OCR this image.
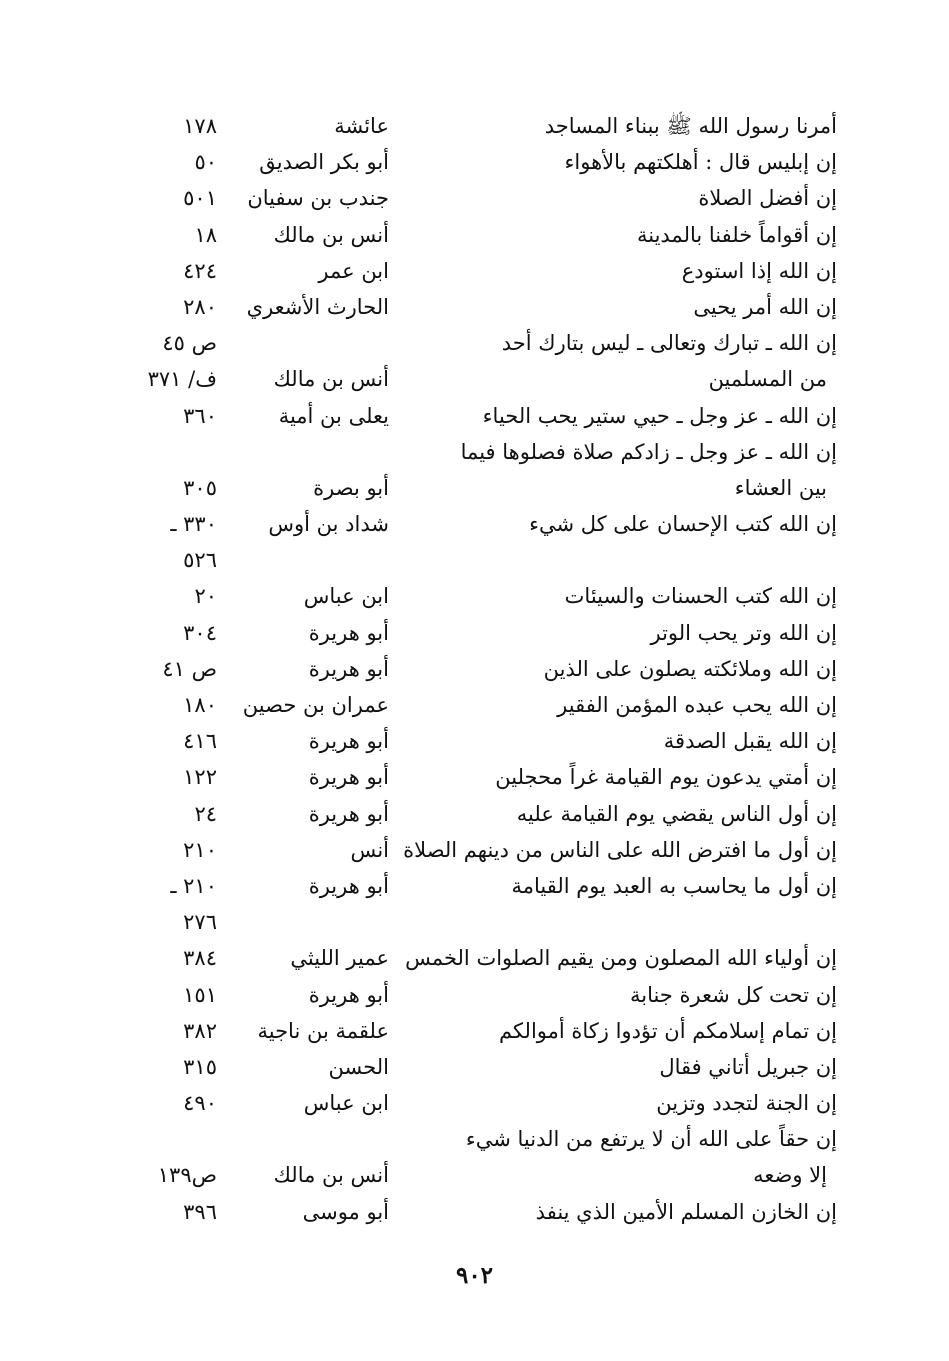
أمرنا رسول الله ﷺ ببناء المساجد
عائشة
١٧٨
إن إبليس قال : أهلكتهم بالأهواء
أبو بكر الصديق
٥٠
إن أفضل الصلاة
جندب بن سفيان
٥٠١
إن أقواماً خلفنا بالمدينة
أنس بن مالك
١٨
إن الله إذا استودع
ابن عمر
٤٢٤
إن الله أمر يحيى
الحارث الأشعري
٢٨٠
إن الله ـ تبارك وتعالى ـ ليس بتارك أحد
ص ٤٥
من المسلمين
أنس بن مالك
ف/ ٣٧١
إن الله ـ عز وجل ـ حيي ستير يحب الحياء
يعلى بن أمية
٣٦٠
إن الله ـ عز وجل ـ زادكم صلاة فصلوها فيما
بين العشاء
أبو بصرة
٣٠٥
إن الله كتب الإحسان على كل شيء
شداد بن أوس
٣٣٠ ـ
٥٢٦
إن الله كتب الحسنات والسيئات
ابن عباس
٢٠
إن الله وتر يحب الوتر
أبو هريرة
٣٠٤
إن الله وملائكته يصلون على الذين
أبو هريرة
ص ٤١
إن الله يحب عبده المؤمن الفقير
عمران بن حصين
١٨٠
إن الله يقبل الصدقة
أبو هريرة
٤١٦
إن أمتي يدعون يوم القيامة غراً محجلين
أبو هريرة
١٢٢
إن أول الناس يقضي يوم القيامة عليه
أبو هريرة
٢٤
إن أول ما افترض الله على الناس من دينهم الصلاة
أنس
٢١٠
إن أول ما يحاسب به العبد يوم القيامة
أبو هريرة
٢١٠ ـ
٢٧٦
إن أولياء الله المصلون ومن يقيم الصلوات الخمس
عمير الليثي
٣٨٤
إن تحت كل شعرة جنابة
أبو هريرة
١٥١
إن تمام إسلامكم أن تؤدوا زكاة أموالكم
علقمة بن ناجية
٣٨٢
إن جبريل أتاني فقال
الحسن
٣١٥
إن الجنة لتجدد وتزين
ابن عباس
٤٩٠
إن حقاً على الله أن لا يرتفع من الدنيا شيء
إلا وضعه
أنس بن مالك
ص١٣٩
إن الخازن المسلم الأمين الذي ينفذ
أبو موسى
٣٩٦
٩٠٢
